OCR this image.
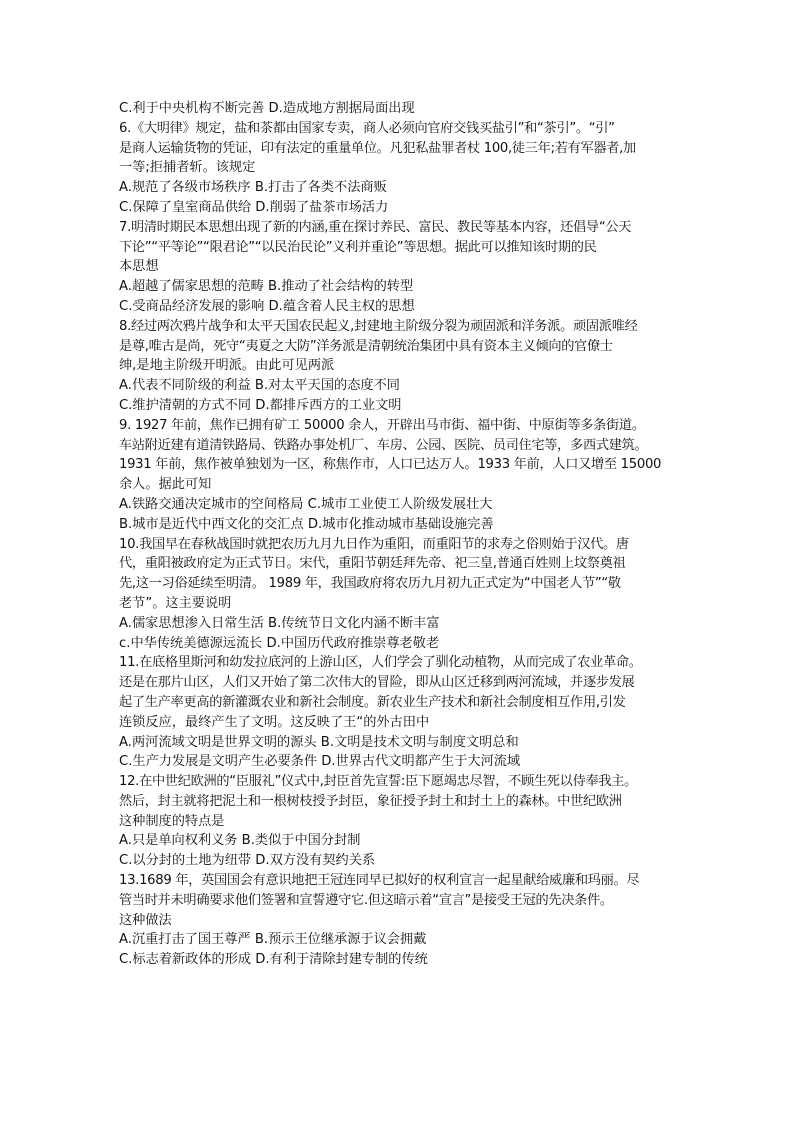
C.利于中央机构不断完善 D.造成地方割据局面出现
6.《大明律》规定，盐和茶都由国家专卖，商人必须向官府交钱买盐引”和“茶引”。“引”
是商人运输货物的凭证，印有法定的重量单位。凡犯私盐罪者杖 100,徒三年;若有军器者,加
一等;拒捕者斩。该规定
A.规范了各级市场秩序 B.打击了各类不法商贩
C.保障了皇室商品供给 D.削弱了盐茶市场活力
7.明清时期民本思想出现了新的内涵,重在探讨养民、富民、教民等基本内容，还倡导“公天
下论”“平等论”“限君论”“以民治民论”义利并重论”等思想。据此可以推知该时期的民
本思想
A.超越了儒家思想的范畴 B.推动了社会结构的转型
C.受商品经济发展的影响 D.蕴含着人民主权的思想
8.经过两次鸦片战争和太平天国农民起义,封建地主阶级分裂为顽固派和洋务派。顽固派唯经
是尊,唯古是尚，死守“夷夏之大防”洋务派是清朝统治集团中具有资本主义倾向的官僚士
绅,是地主阶级开明派。由此可见两派
A.代表不同阶级的利益 B.对太平天国的态度不同
C.维护清朝的方式不同 D.都排斥西方的工业文明
9. 1927 年前，焦作已拥有矿工 50000 余人，开辟出马市街、福中街、中原街等多条街道。
车站附近建有道清铁路局、铁路办事处机厂、车房、公园、医院、员司住宅等，多西式建筑。
1931 年前，焦作被单独划为一区，称焦作市，人口已达万人。1933 年前，人口又增至 15000
余人。据此可知
A.铁路交通决定城市的空间格局 C.城市工业使工人阶级发展壮大
B.城市是近代中西文化的交汇点 D.城市化推动城市基础设施完善
10.我国早在春秋战国时就把农历九月九日作为重阳，而重阳节的求寿之俗则始于汉代。唐
代，重阳被政府定为正式节日。宋代，重阳节朝廷拜先帝、祀三皇,普通百姓则上坟祭奠祖
先,这一习俗延续至明清。 1989 年，我国政府将农历九月初九正式定为“中国老人节”“敬
老节”。这主要说明
A.儒家思想渗入日常生活 B.传统节日文化内涵不断丰富
c.中华传统美德源远流长 D.中国历代政府推崇尊老敬老
11.在底格里斯河和幼发拉底河的上游山区，人们学会了驯化动植物，从而完成了农业革命。
还是在那片山区，人们又开始了第二次伟大的冒险，即从山区迁移到两河流域，并逐步发展
起了生产率更高的新灌溉农业和新社会制度。新农业生产技术和新社会制度相互作用,引发
连锁反应，最终产生了文明。这反映了王“的外古田中
A.两河流域文明是世界文明的源头 B.文明是技术文明与制度文明总和
C.生产力发展是文明产生必要条件 D.世界古代文明都产生于大河流域
12.在中世纪欧洲的“臣服礼”仪式中,封臣首先宣誓:臣下愿竭忠尽智，不顾生死以侍奉我主。
然后，封主就将把泥土和一根树枝授予封臣，象征授予封土和封土上的森林。中世纪欧洲
这种制度的特点是
A.只是单向权利义务 B.类似于中国分封制
C.以分封的土地为纽带 D.双方没有契约关系
13.1689 年，英国国会有意识地把王冠连同早已拟好的权利宣言一起星献给威廉和玛丽。尽
管当时并未明确要求他们签署和宣誓遵守它.但这暗示着“宣言”是接受王冠的先决条件。
这种做法
A.沉重打击了国王尊严 B.预示王位继承源于议会拥戴
C.标志着新政体的形成 D.有利于清除封建专制的传统
